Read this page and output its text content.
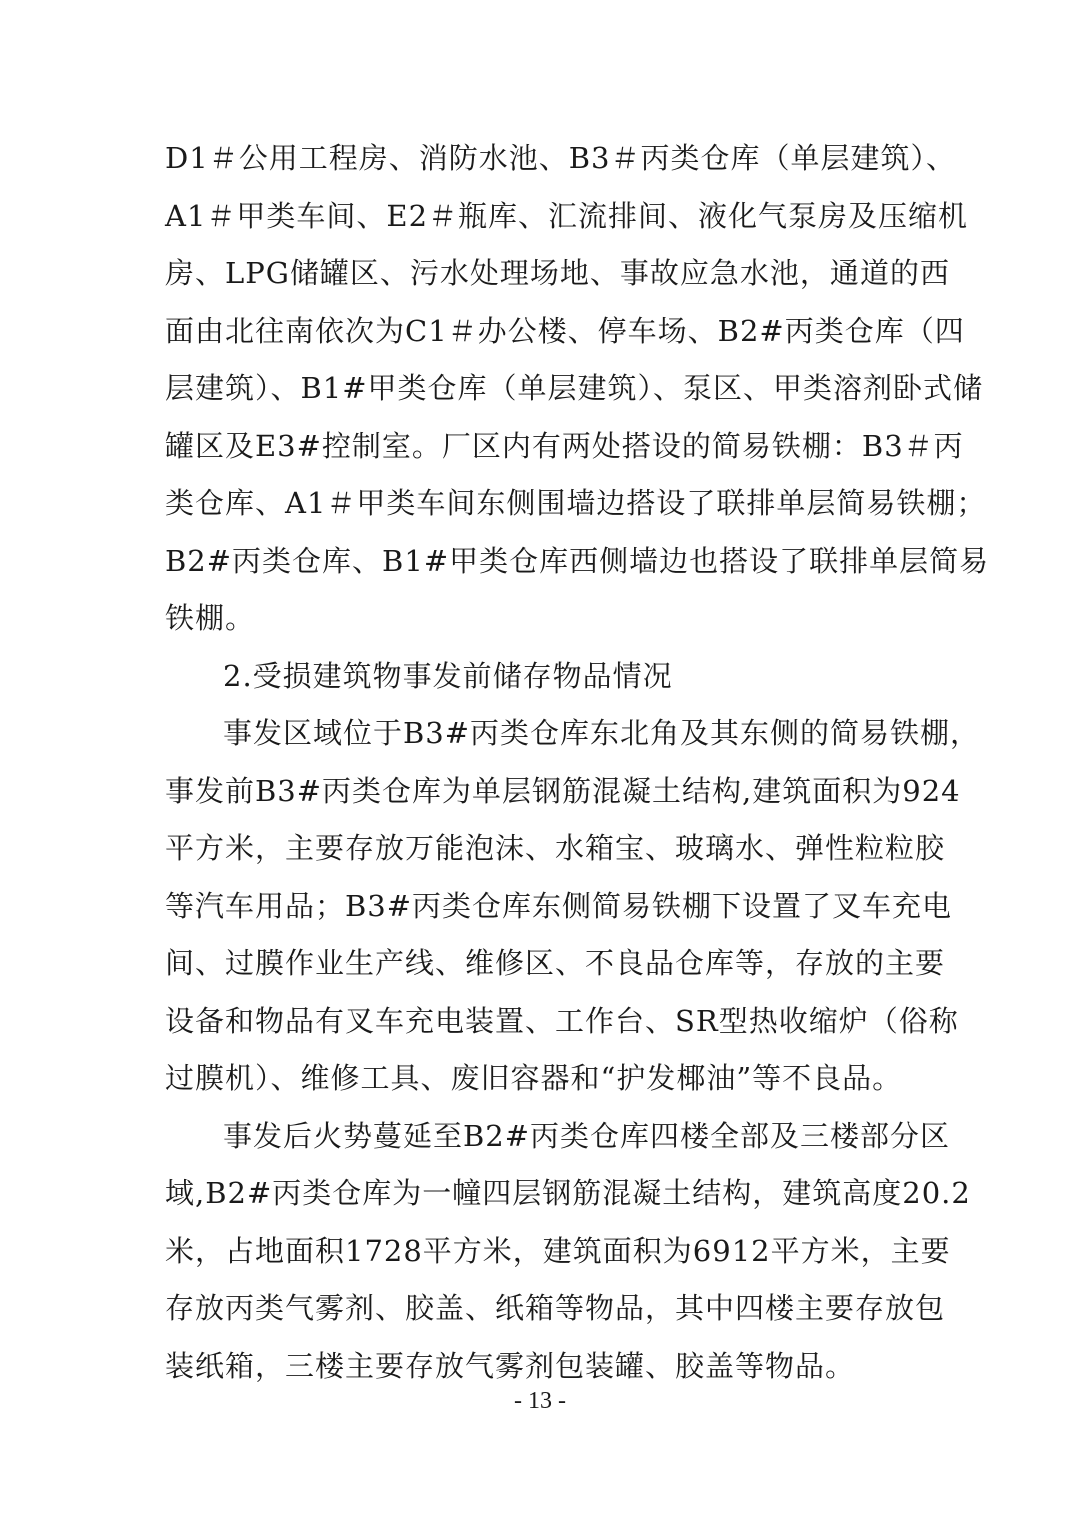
D1＃公用工程房、消防水池、B3＃丙类仓库（单层建筑）、
A1＃甲类车间、E2＃瓶库、汇流排间、液化气泵房及压缩机
房、LPG储罐区、污水处理场地、事故应急水池，通道的西
面由北往南依次为C1＃办公楼、停车场、B2#丙类仓库（四
层建筑）、B1#甲类仓库（单层建筑）、泵区、甲类溶剂卧式储
罐区及E3#控制室。厂区内有两处搭设的简易铁棚：B3＃丙
类仓库、A1＃甲类车间东侧围墙边搭设了联排单层简易铁棚；
B2#丙类仓库、B1#甲类仓库西侧墙边也搭设了联排单层简易
铁棚。
2.受损建筑物事发前储存物品情况
事发区域位于B3#丙类仓库东北角及其东侧的简易铁棚，
事发前B3#丙类仓库为单层钢筋混凝土结构,建筑面积为924
平方米，主要存放万能泡沫、水箱宝、玻璃水、弹性粒粒胶
等汽车用品；B3#丙类仓库东侧简易铁棚下设置了叉车充电
间、过膜作业生产线、维修区、不良品仓库等，存放的主要
设备和物品有叉车充电装置、工作台、SR型热收缩炉（俗称
过膜机）、维修工具、废旧容器和“护发椰油”等不良品。
事发后火势蔓延至B2#丙类仓库四楼全部及三楼部分区
域,B2#丙类仓库为一幢四层钢筋混凝土结构，建筑高度20.2
米，占地面积1728平方米，建筑面积为6912平方米，主要
存放丙类气雾剂、胶盖、纸箱等物品，其中四楼主要存放包
装纸箱，三楼主要存放气雾剂包装罐、胶盖等物品。
- 13 -
